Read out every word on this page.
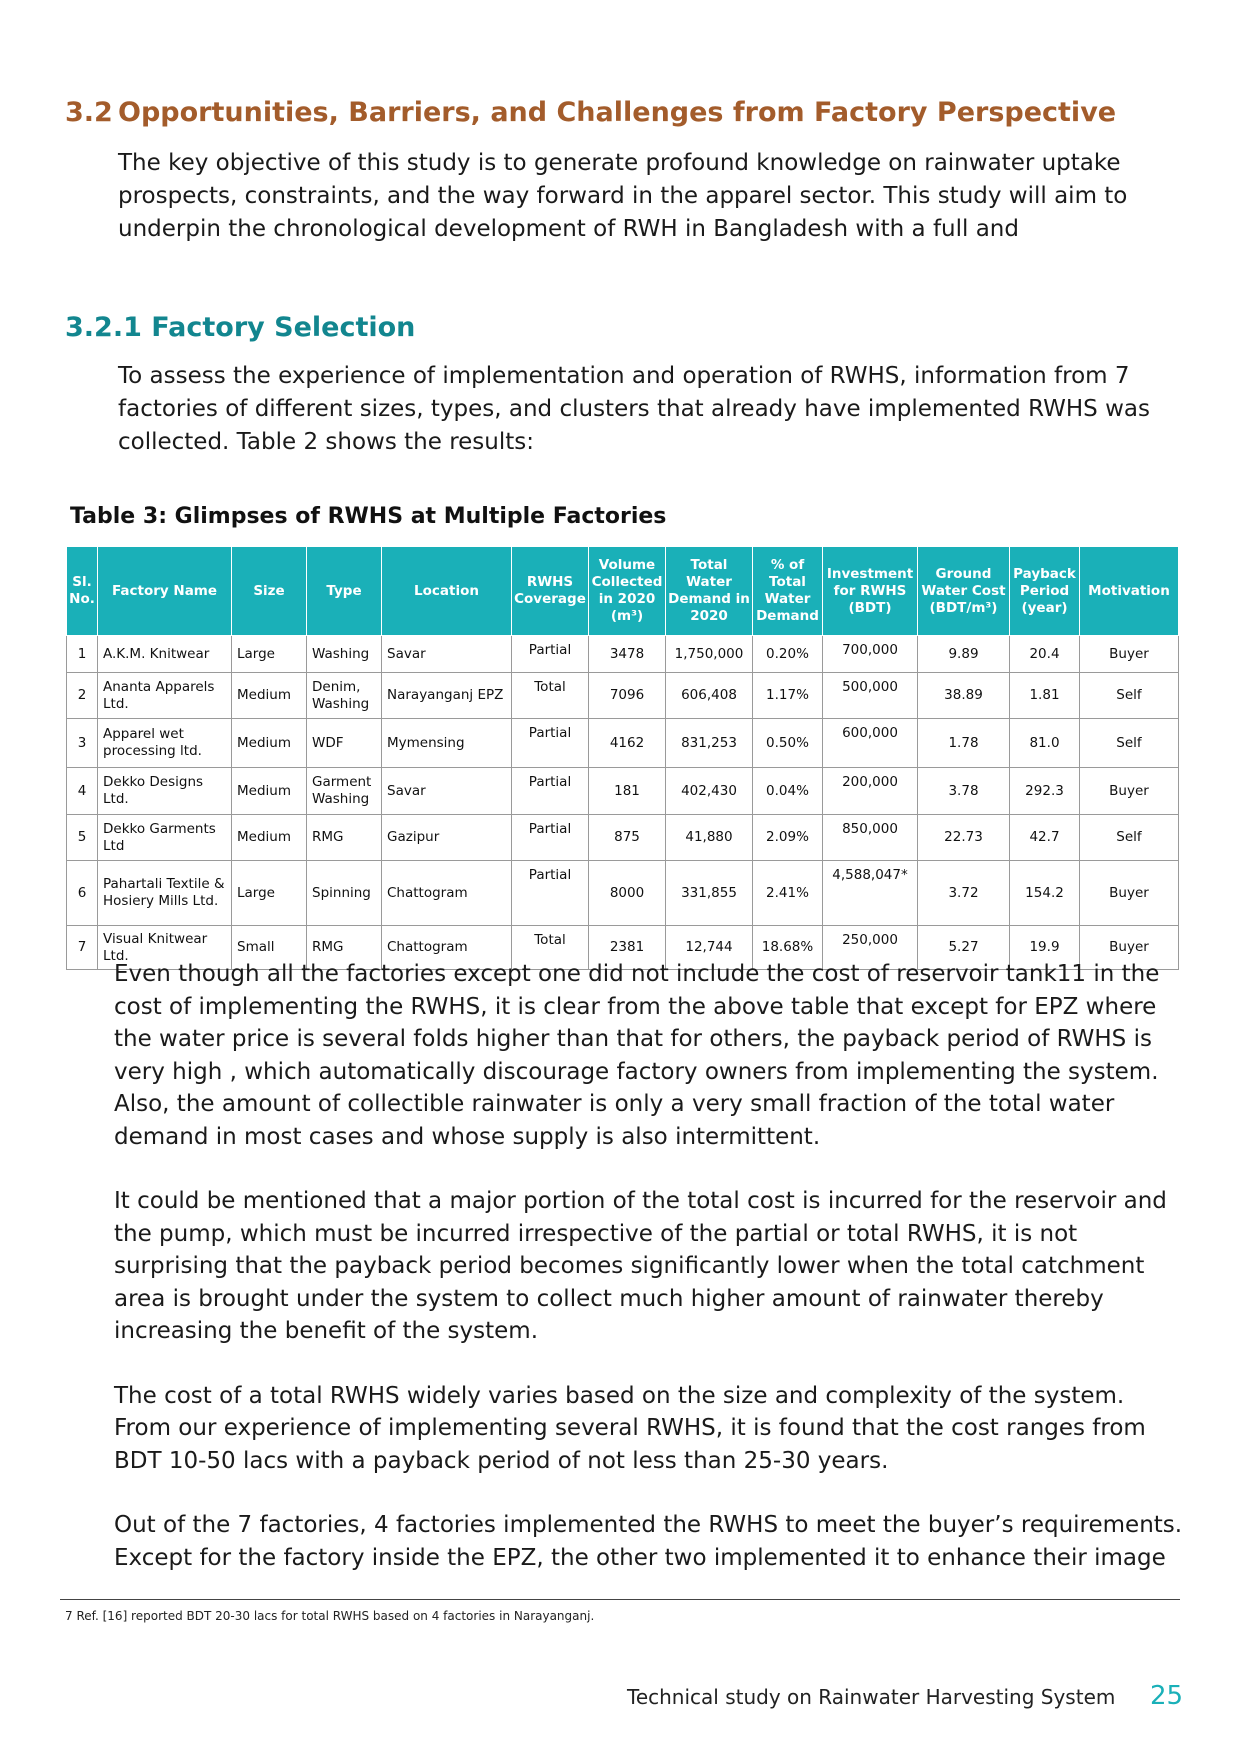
3.2 Opportunities, Barriers, and Challenges from Factory Perspective

The key objective of this study is to generate profound knowledge on rainwater uptake prospects, constraints, and the way forward in the apparel sector. This study will aim to underpin the chronological development of RWH in Bangladesh with a full and

3.2.1 Factory Selection

To assess the experience of implementation and operation of RWHS, information from 7 factories of different sizes, types, and clusters that already have implemented RWHS was collected. Table 2 shows the results:

Table 3: Glimpses of RWHS at Multiple Factories

Sl. No.	Factory Name	Size	Type	Location	RWHS Coverage	Volume Collected in 2020 (m³)	Total Water Demand in 2020	% of Total Water Demand	Investment for RWHS (BDT)	Ground Water Cost (BDT/m³)	Payback Period (year)	Motivation
1	A.K.M. Knitwear	Large	Washing	Savar	Partial	3478	1,750,000	0.20%	700,000	9.89	20.4	Buyer
2	Ananta Apparels Ltd.	Medium	Denim, Washing	Narayanganj EPZ	Total	7096	606,408	1.17%	500,000	38.89	1.81	Self
3	Apparel wet processing ltd.	Medium	WDF	Mymensing	Partial	4162	831,253	0.50%	600,000	1.78	81.0	Self
4	Dekko Designs Ltd.	Medium	Garment Washing	Savar	Partial	181	402,430	0.04%	200,000	3.78	292.3	Buyer
5	Dekko Garments Ltd	Medium	RMG	Gazipur	Partial	875	41,880	2.09%	850,000	22.73	42.7	Self
6	Pahartali Textile & Hosiery Mills Ltd.	Large	Spinning	Chattogram	Partial	8000	331,855	2.41%	4,588,047*	3.72	154.2	Buyer
7	Visual Knitwear Ltd.	Small	RMG	Chattogram	Total	2381	12,744	18.68%	250,000	5.27	19.9	Buyer

Even though all the factories except one did not include the cost of reservoir tank11 in the cost of implementing the RWHS, it is clear from the above table that except for EPZ where the water price is several folds higher than that for others, the payback period of RWHS is very high , which automatically discourage factory owners from implementing the system. Also, the amount of collectible rainwater is only a very small fraction of the total water demand in most cases and whose supply is also intermittent.

It could be mentioned that a major portion of the total cost is incurred for the reservoir and the pump, which must be incurred irrespective of the partial or total RWHS, it is not surprising that the payback period becomes significantly lower when the total catchment area is brought under the system to collect much higher amount of rainwater thereby increasing the benefit of the system.

The cost of a total RWHS widely varies based on the size and complexity of the system. From our experience of implementing several RWHS, it is found that the cost ranges from BDT 10-50 lacs with a payback period of not less than 25-30 years.

Out of the 7 factories, 4 factories implemented the RWHS to meet the buyer’s requirements. Except for the factory inside the EPZ, the other two implemented it to enhance their image

7 Ref. [16] reported BDT 20-30 lacs for total RWHS based on 4 factories in Narayanganj.

Technical study on Rainwater Harvesting System 25
